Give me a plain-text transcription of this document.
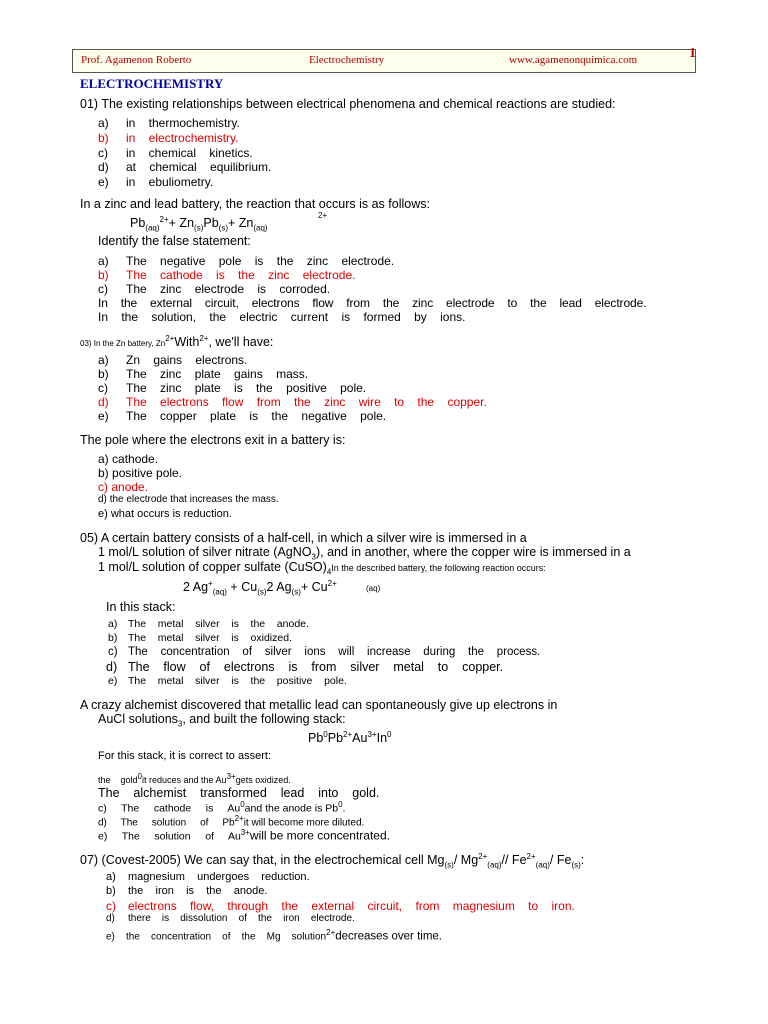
Prof. Agamenon Roberto	Electrochemistry	www.agamenonquimica.com	1
ELECTROCHEMISTRY
01) The existing relationships between electrical phenomena and chemical reactions are studied:
a) in    thermochemistry.
b) in    electrochemistry.
c) in    chemical    kinetics.
d) at    chemical    equilibrium.
e) in    ebuliometry.
In a zinc and lead battery, the reaction that occurs is as follows:
$Pb_{(aq)}^{2+}+ Zn_{(s)}Pb_{(s)}+ Zn_{(aq)}$
2+
Identify the false statement:
a) The    negative    pole    is    the    zinc    electrode.
b) The    cathode    is    the    zinc    electrode.
c) The    zinc    electrode    is    corroded.
In    the    external    circuit,    electrons    flow    from    the    zinc    electrode    to    the    lead    electrode.
In    the    solution,    the    electric    current    is    formed    by    ions.
03) In the Zn battery, $Zn^{2+}With^{2+}$, we'll have:
a) Zn    gains    electrons.
b) The    zinc    plate    gains    mass.
c) The    zinc    plate    is    the    positive    pole.
d) The    electrons    flow    from    the    zinc    wire    to    the    copper.
e) The    copper    plate    is    the    negative    pole.
The pole where the electrons exit in a battery is:
a) cathode.
b) positive pole.
c) anode.
d) the electrode that increases the mass.
e) what occurs is reduction.
05) A certain battery consists of a half-cell, in which a silver wire is immersed in a
1 mol/L solution of silver nitrate (AgNO$_3$), and in another, where the copper wire is immersed in a
1 mol/L solution of copper sulfate $(CuSO)_4In$ the described battery, the following reaction occurs:
2 $Ag^+_{(aq)} + Cu_{(s)}2$ $Ag_{(s)}+ Cu^{2+}$
(aq)
In this stack:
a) The    metal    silver    is    the    anode.
b) The    metal    silver    is    oxidized.
c) The    concentration    of    silver    ions    will    increase    during    the    process.
d) The    flow    of    electrons    is    from    silver    metal    to    copper.
e) The    metal    silver    is    the    positive    pole.
A crazy alchemist discovered that metallic lead can spontaneously give up electrons in
AuCl solutions$_3$, and built the following stack:
$Pb^0Pb^{2+}Au^{3+}In^0$
For this stack, it is correct to assert:
the gold$^0$it reduces and the $Au^{3+}gets$ oxidized.
The    alchemist    transformed    lead    into    gold.
c)     The     cathode     is     Au$^0$and the anode is Pb$^0$.
d)     The     solution     of     $Pb^{2+}it$ will become more diluted.
e)     The     solution     of     $Au^{3+}will$ be more concentrated.
07) (Covest-2005) We can say that, in the electrochemical cell $Mg_{(s)}/$ $Mg^{2+}_{(aq)}//$ $Fe^{2+}_{(aq)}/$ $Fe_{(s)}$:
a) magnesium    undergoes    reduction.
b) the    iron    is    the    anode.
c) electrons    flow,    through    the    external    circuit,    from    magnesium    to    iron.
d) there    is    dissolution    of    the    iron    electrode.
e)    the    concentration    of    the    Mg    solution$^{2+}$decreases over time.
